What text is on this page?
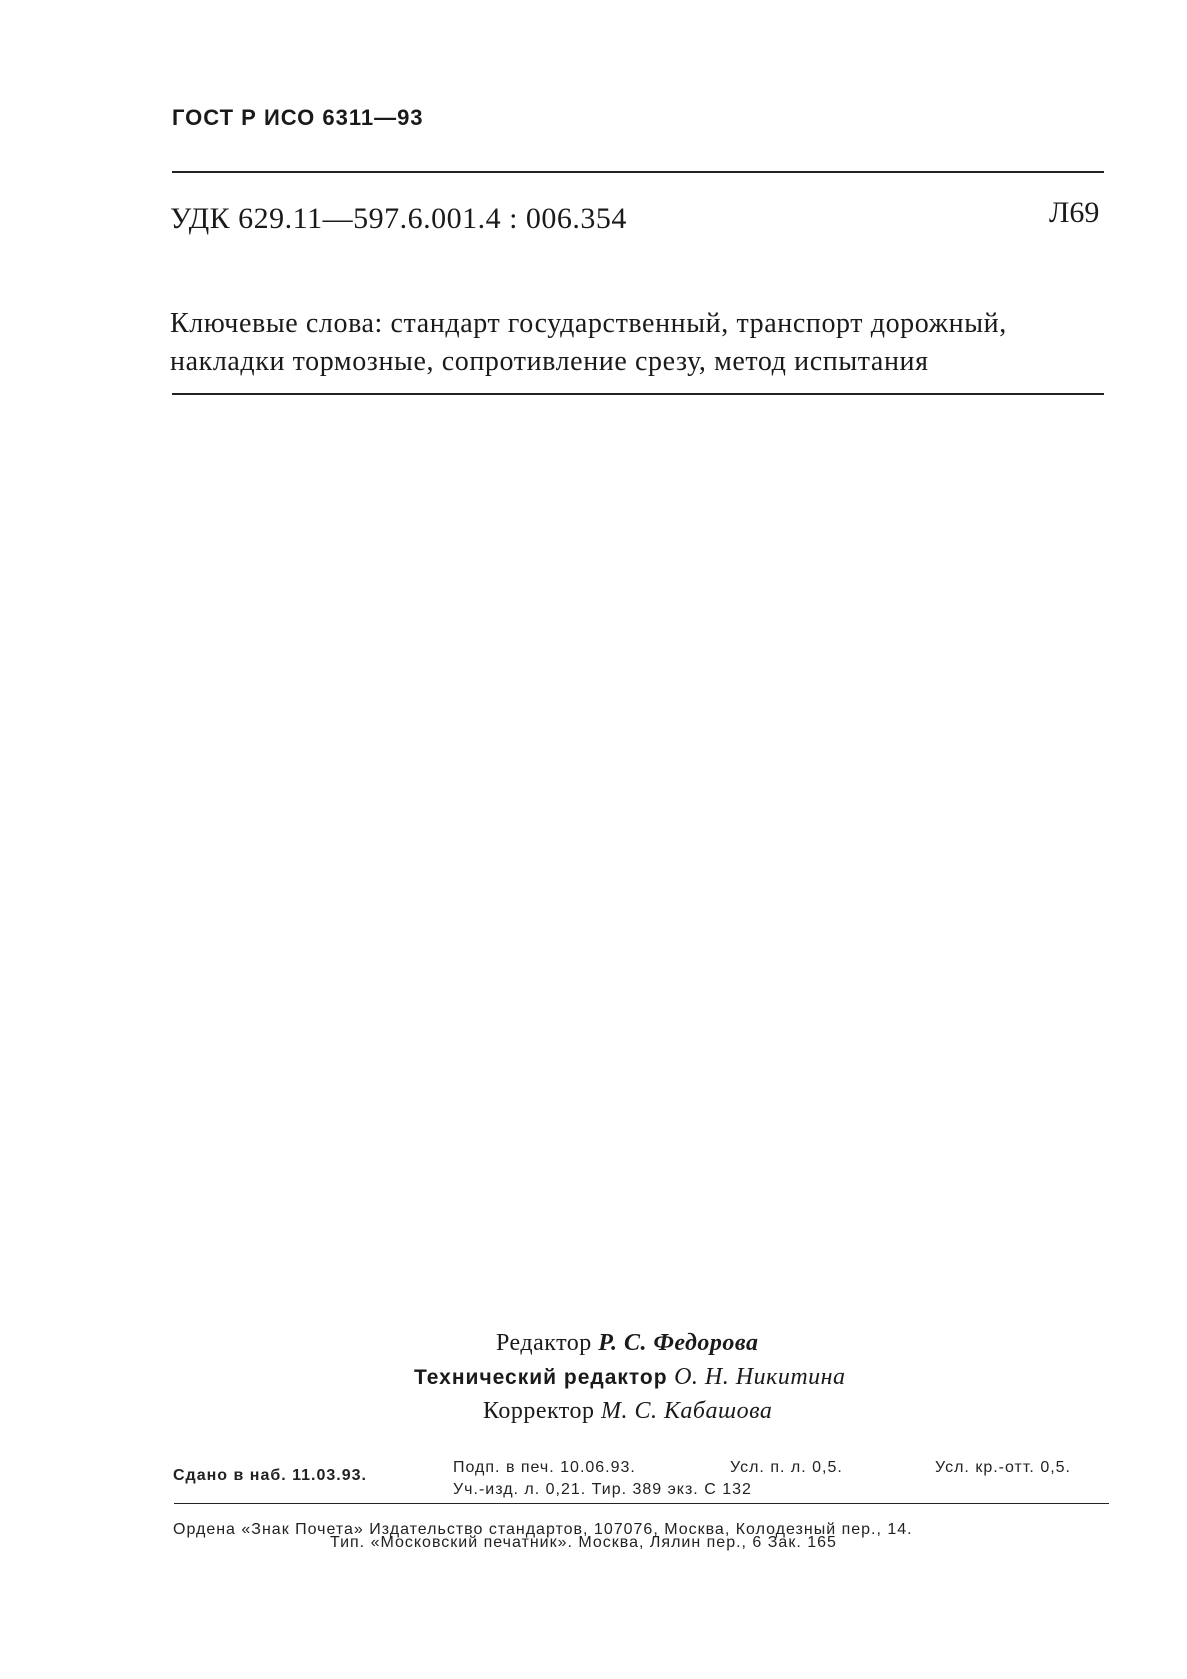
ГОСТ Р ИСО 6311—93
УДК 629.11—597.6.001.4 : 006.354	Л69
Ключевые слова: стандарт государственный, транспорт дорожный,
накладки тормозные, сопротивление срезу, метод испытания
Редактор Р. С. Федорова
Технический редактор О. Н. Никитина
Корректор М. С. Кабашова
Сдано в наб. 11.03.93.	Подп. в печ. 10.06.93.	Усл. п. л. 0,5.	Усл. кр.-отт. 0,5.
Уч.-изд. л. 0,21. Тир. 389 экз. С 132
Ордена «Знак Почета» Издательство стандартов, 107076, Москва, Колодезный пер., 14.
Тип. «Московский печатник». Москва, Лялин пер., 6 Зак. 165
